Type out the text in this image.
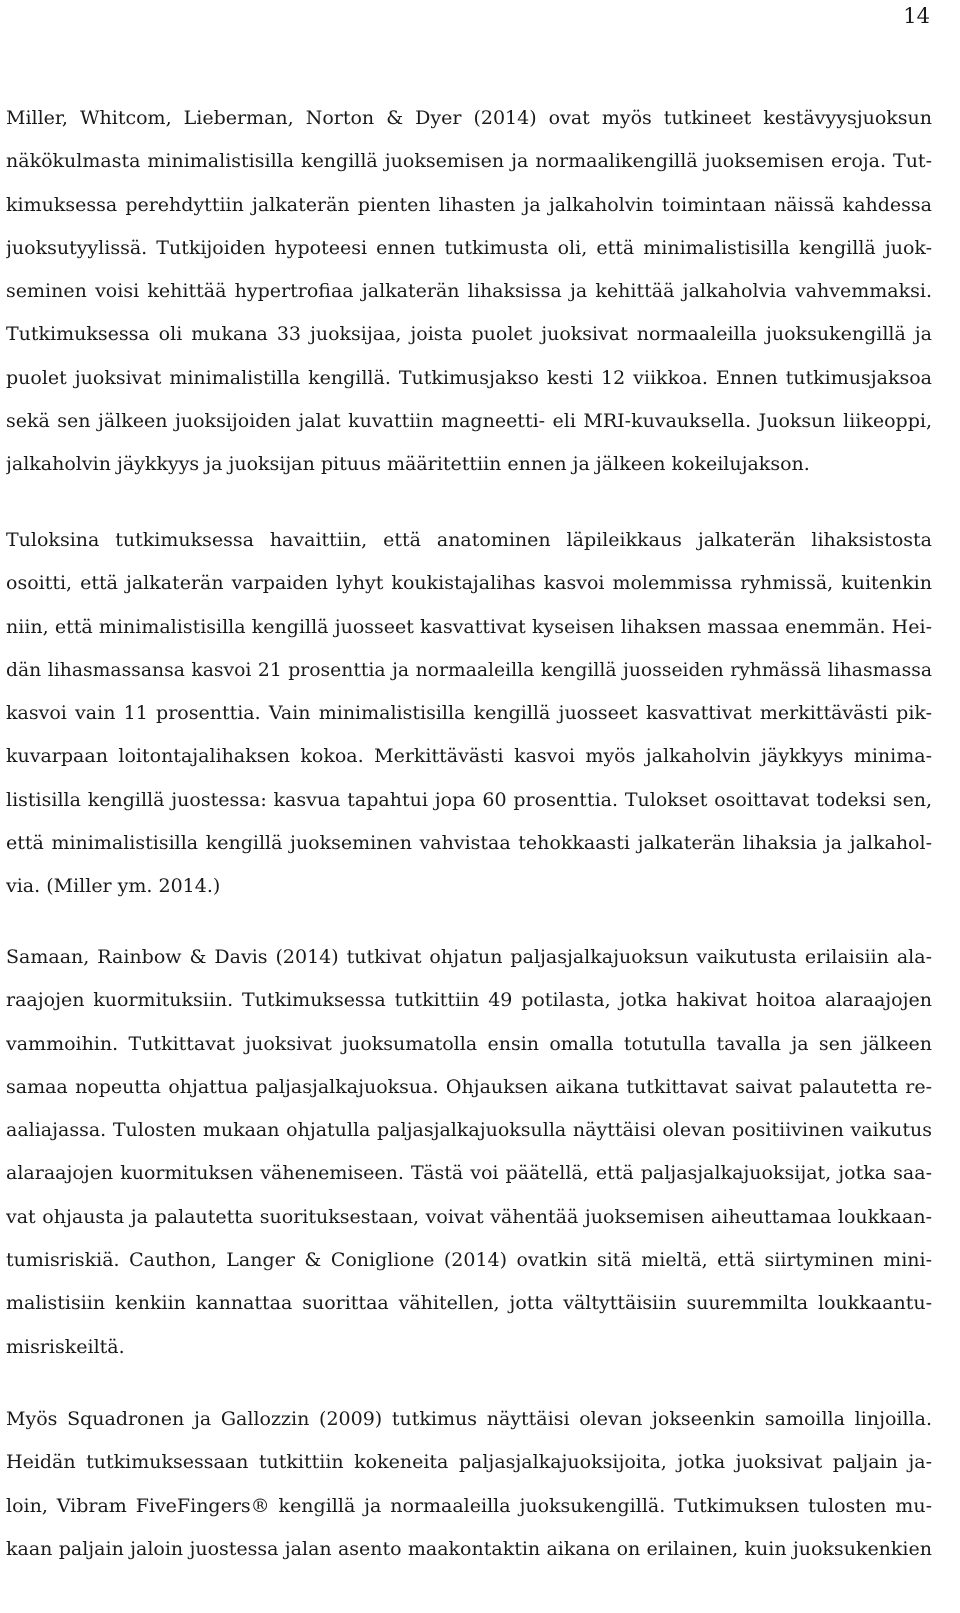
14
Miller, Whitcom, Lieberman, Norton & Dyer (2014) ovat myös tutkineet kestävyysjuoksun
näkökulmasta minimalistisilla kengillä juoksemisen ja normaalikengillä juoksemisen eroja. Tut-
kimuksessa perehdyttiin jalkaterän pienten lihasten ja jalkaholvin toimintaan näissä kahdessa
juoksutyylissä. Tutkijoiden hypoteesi ennen tutkimusta oli, että minimalistisilla kengillä juok-
seminen voisi kehittää hypertrofiaa jalkaterän lihaksissa ja kehittää jalkaholvia vahvemmaksi.
Tutkimuksessa oli mukana 33 juoksijaa, joista puolet juoksivat normaaleilla juoksukengillä ja
puolet juoksivat minimalistilla kengillä. Tutkimusjakso kesti 12 viikkoa. Ennen tutkimusjaksoa
sekä sen jälkeen juoksijoiden jalat kuvattiin magneetti- eli MRI-kuvauksella. Juoksun liikeoppi,
jalkaholvin jäykkyys ja juoksijan pituus määritettiin ennen ja jälkeen kokeilujakson.
Tuloksina tutkimuksessa havaittiin, että anatominen läpileikkaus jalkaterän lihaksistosta
osoitti, että jalkaterän varpaiden lyhyt koukistajalihas kasvoi molemmissa ryhmissä, kuitenkin
niin, että minimalistisilla kengillä juosseet kasvattivat kyseisen lihaksen massaa enemmän. Hei-
dän lihasmassansa kasvoi 21 prosenttia ja normaaleilla kengillä juosseiden ryhmässä lihasmassa
kasvoi vain 11 prosenttia. Vain minimalistisilla kengillä juosseet kasvattivat merkittävästi pik-
kuvarpaan loitontajalihaksen kokoa. Merkittävästi kasvoi myös jalkaholvin jäykkyys minima-
listisilla kengillä juostessa: kasvua tapahtui jopa 60 prosenttia. Tulokset osoittavat todeksi sen,
että minimalistisilla kengillä juokseminen vahvistaa tehokkaasti jalkaterän lihaksia ja jalkahol-
via. (Miller ym. 2014.)
Samaan, Rainbow & Davis (2014) tutkivat ohjatun paljasjalkajuoksun vaikutusta erilaisiin ala-
raajojen kuormituksiin. Tutkimuksessa tutkittiin 49 potilasta, jotka hakivat hoitoa alaraajojen
vammoihin. Tutkittavat juoksivat juoksumatolla ensin omalla totutulla tavalla ja sen jälkeen
samaa nopeutta ohjattua paljasjalkajuoksua. Ohjauksen aikana tutkittavat saivat palautetta re-
aaliajassa. Tulosten mukaan ohjatulla paljasjalkajuoksulla näyttäisi olevan positiivinen vaikutus
alaraajojen kuormituksen vähenemiseen. Tästä voi päätellä, että paljasjalkajuoksijat, jotka saa-
vat ohjausta ja palautetta suorituksestaan, voivat vähentää juoksemisen aiheuttamaa loukkaan-
tumisriskiä. Cauthon, Langer & Coniglione (2014) ovatkin sitä mieltä, että siirtyminen mini-
malistisiin kenkiin kannattaa suorittaa vähitellen, jotta vältyttäisiin suuremmilta loukkaantu-
misriskeiltä.
Myös Squadronen ja Gallozzin (2009) tutkimus näyttäisi olevan jokseenkin samoilla linjoilla.
Heidän tutkimuksessaan tutkittiin kokeneita paljasjalkajuoksijoita, jotka juoksivat paljain ja-
loin, Vibram FiveFingers® kengillä ja normaaleilla juoksukengillä. Tutkimuksen tulosten mu-
kaan paljain jaloin juostessa jalan asento maakontaktin aikana on erilainen, kuin juoksukenkien
